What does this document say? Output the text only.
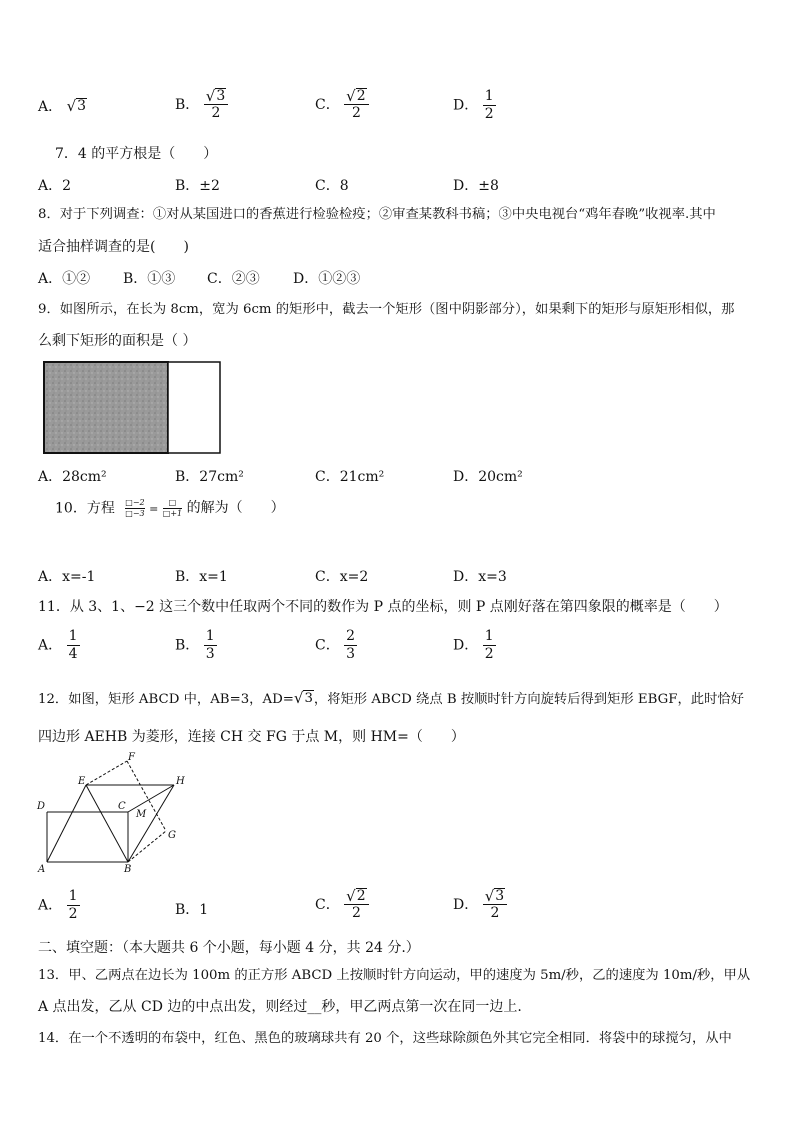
A． √ 3	B． $\frac{√ 3}{2}$	C． $\frac{√ 2}{2}$	D． $\frac{1}{2}$
7．4 的平方根是（　　）
A．2	B．±2	C．8	D．±8
8．对于下列调查：①对从某国进口的香蕉进行检验检疫；②审查某教科书稿；③中央电视台“鸡年春晚”收视率.其中
适合抽样调查的是(　　)
A．①② B．①③ C．②③ D．①②③
9．如图所示，在长为 8cm，宽为 6cm 的矩形中，截去一个矩形（图中阴影部分），如果剩下的矩形与原矩形相似，那
么剩下矩形的面积是（ ）
A．28cm²	B．27cm²	C．21cm²	D．20cm²
10．方程 $\frac{□-2}{□-3} = \frac{□}{□+1}$ 的解为（　　）
A．x=-1	B．x=1	C．x=2	D．x=3
11．从 3、1、−2 这三个数中任取两个不同的数作为 P 点的坐标，则 P 点刚好落在第四象限的概率是（　　）
A． $\frac{1}{4}$	B． $\frac{1}{3}$	C． $\frac{2}{3}$	D． $\frac{1}{2}$
12．如图，矩形 ABCD 中，AB=3，AD= √ 3 ，将矩形 ABCD 绕点 B 按顺时针方向旋转后得到矩形 EBGF，此时恰好
四边形 AEHB 为菱形，连接 CH 交 FG 于点 M，则 HM=（　　）
E
F
H
D	C
M
G
A	B
A． $\frac{1}{2}$	B．1	C． $\frac{√ 2}{2}$	D． $\frac{√ 3}{2}$
二、填空题：（本大题共 6 个小题，每小题 4 分，共 24 分.）
13．甲、乙两点在边长为 100m 的正方形 ABCD 上按顺时针方向运动，甲的速度为 5m/秒，乙的速度为 10m/秒，甲从
A 点出发，乙从 CD 边的中点出发，则经过__秒，甲乙两点第一次在同一边上.
14．在一个不透明的布袋中，红色、黑色的玻璃球共有 20 个，这些球除颜色外其它完全相同．将袋中的球搅匀，从中
